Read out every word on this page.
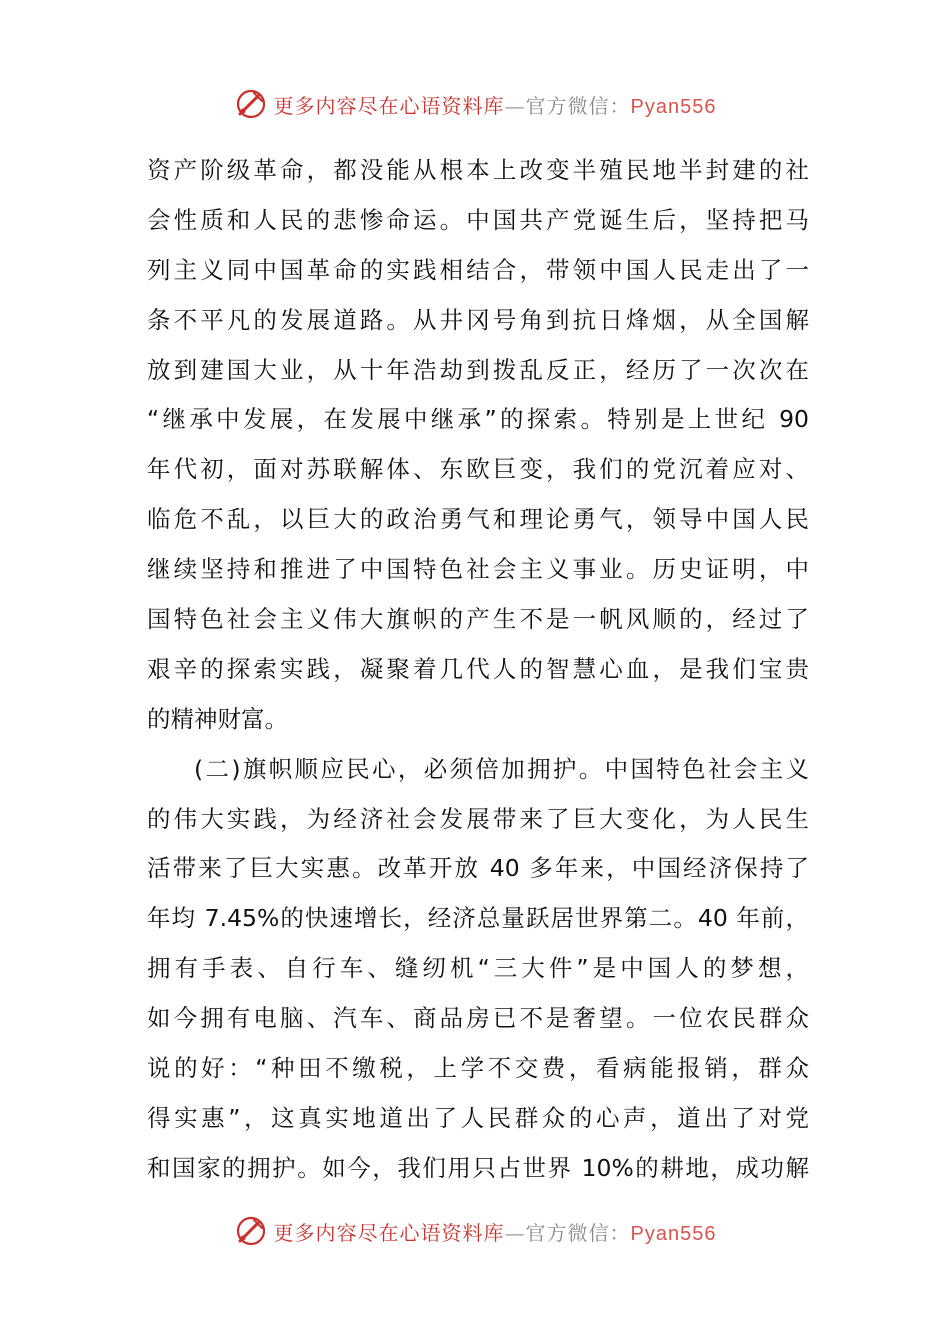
更多内容尽在心语资料库—官方微信：Pyan556
资产阶级革命，都没能从根本上改变半殖民地半封建的社
会性质和人民的悲惨命运。中国共产党诞生后，坚持把马
列主义同中国革命的实践相结合，带领中国人民走出了一
条不平凡的发展道路。从井冈号角到抗日烽烟，从全国解
放到建国大业，从十年浩劫到拨乱反正，经历了一次次在
“继承中发展，在发展中继承”的探索。特别是上世纪 90
年代初，面对苏联解体、东欧巨变，我们的党沉着应对、
临危不乱，以巨大的政治勇气和理论勇气，领导中国人民
继续坚持和推进了中国特色社会主义事业。历史证明，中
国特色社会主义伟大旗帜的产生不是一帆风顺的，经过了
艰辛的探索实践，凝聚着几代人的智慧心血，是我们宝贵
的精神财富。
(二)旗帜顺应民心，必须倍加拥护。中国特色社会主义
的伟大实践，为经济社会发展带来了巨大变化，为人民生
活带来了巨大实惠。改革开放 40 多年来，中国经济保持了
年均 7.45%的快速增长，经济总量跃居世界第二。40 年前，
拥有手表、自行车、缝纫机“三大件”是中国人的梦想，
如今拥有电脑、汽车、商品房已不是奢望。一位农民群众
说的好：“种田不缴税，上学不交费，看病能报销，群众
得实惠”，这真实地道出了人民群众的心声，道出了对党
和国家的拥护。如今，我们用只占世界 10%的耕地，成功解
更多内容尽在心语资料库—官方微信：Pyan556
